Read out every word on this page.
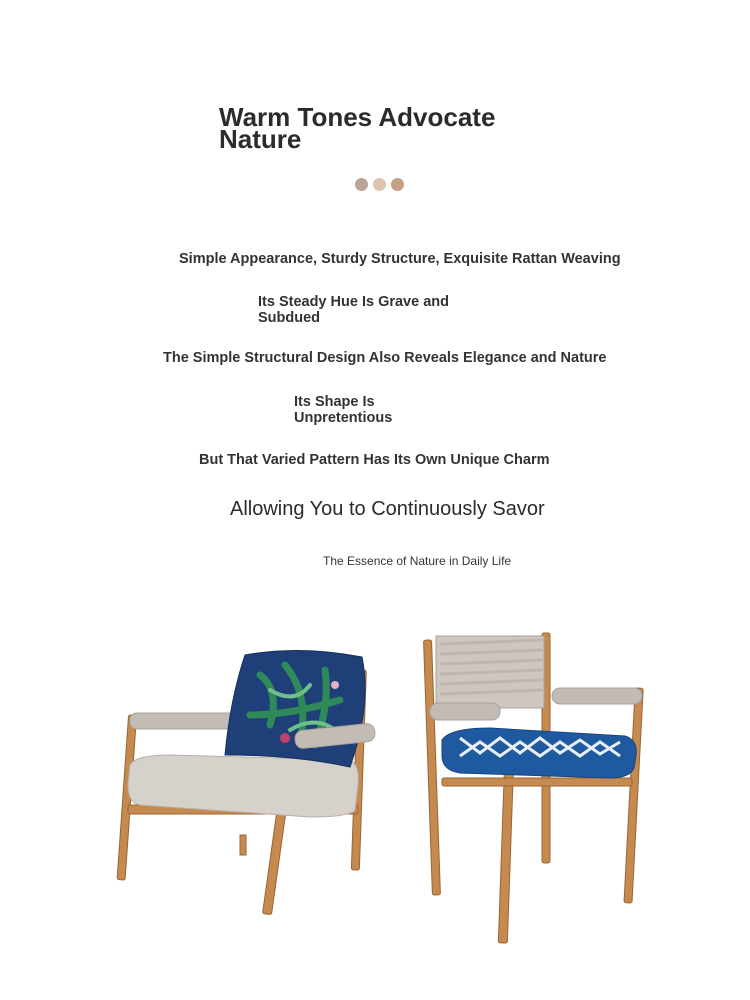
Warm Tones Advocate Nature
Simple Appearance, Sturdy Structure, Exquisite Rattan Weaving
Its Steady Hue Is Grave and Subdued
The Simple Structural Design Also Reveals Elegance and Nature
Its Shape Is Unpretentious
But That Varied Pattern Has Its Own Unique Charm
Allowing You to Continuously Savor
The Essence of Nature in Daily Life
